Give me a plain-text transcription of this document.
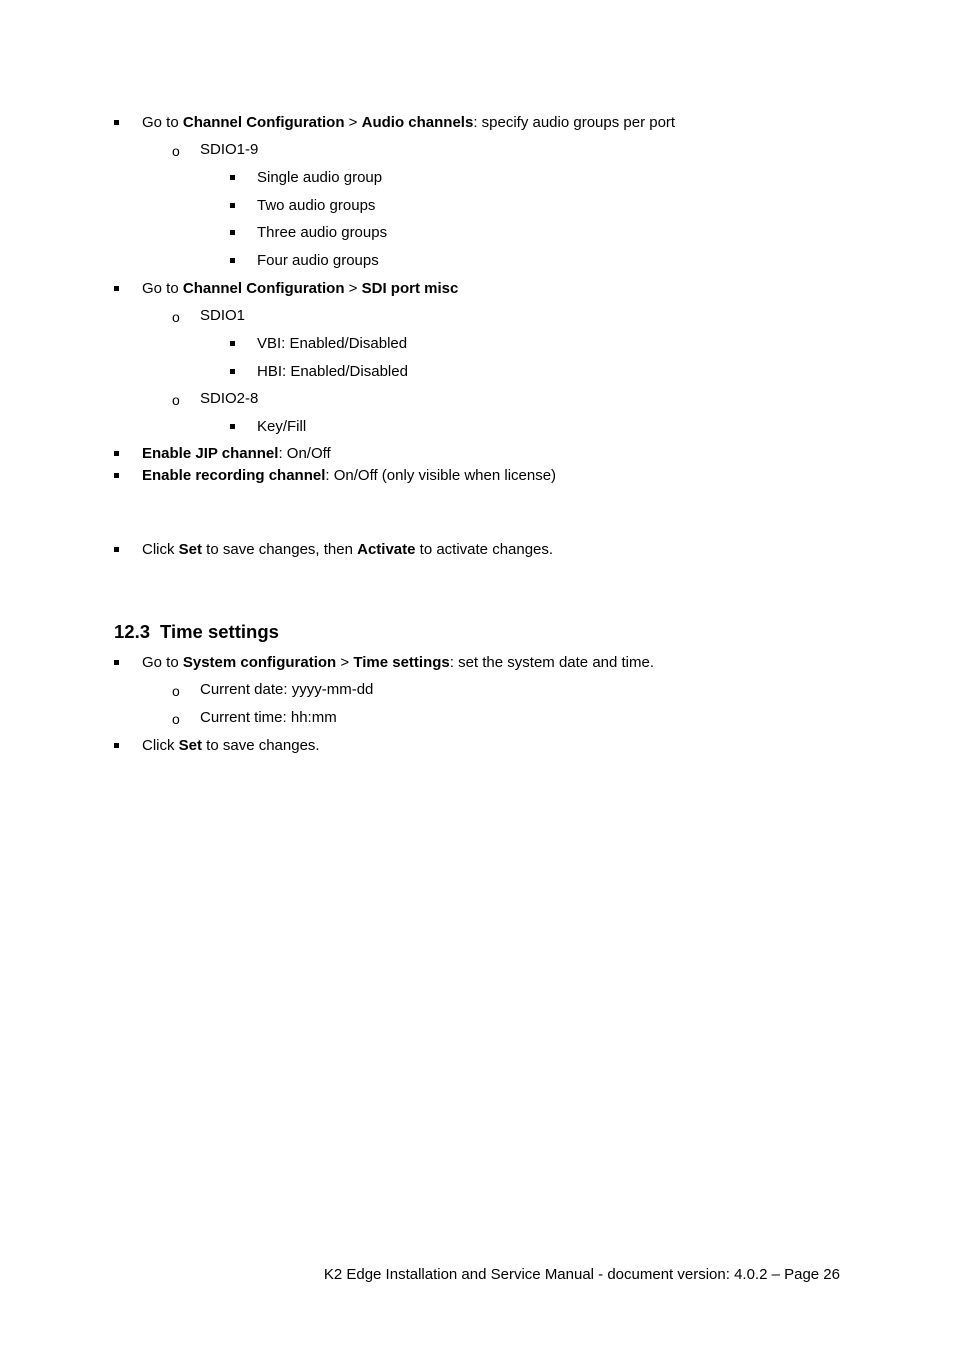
Go to Channel Configuration > Audio channels: specify audio groups per port
o SDIO1-9
Single audio group
Two audio groups
Three audio groups
Four audio groups
Go to Channel Configuration > SDI port misc
o SDIO1
VBI: Enabled/Disabled
HBI: Enabled/Disabled
o SDIO2-8
Key/Fill
Enable JIP channel: On/Off
Enable recording channel: On/Off (only visible when license)
Click Set to save changes, then Activate to activate changes.
12.3 Time settings
Go to System configuration > Time settings: set the system date and time.
o Current date: yyyy-mm-dd
o Current time: hh:mm
Click Set to save changes.
K2 Edge Installation and Service Manual - document version: 4.0.2 – Page 26
